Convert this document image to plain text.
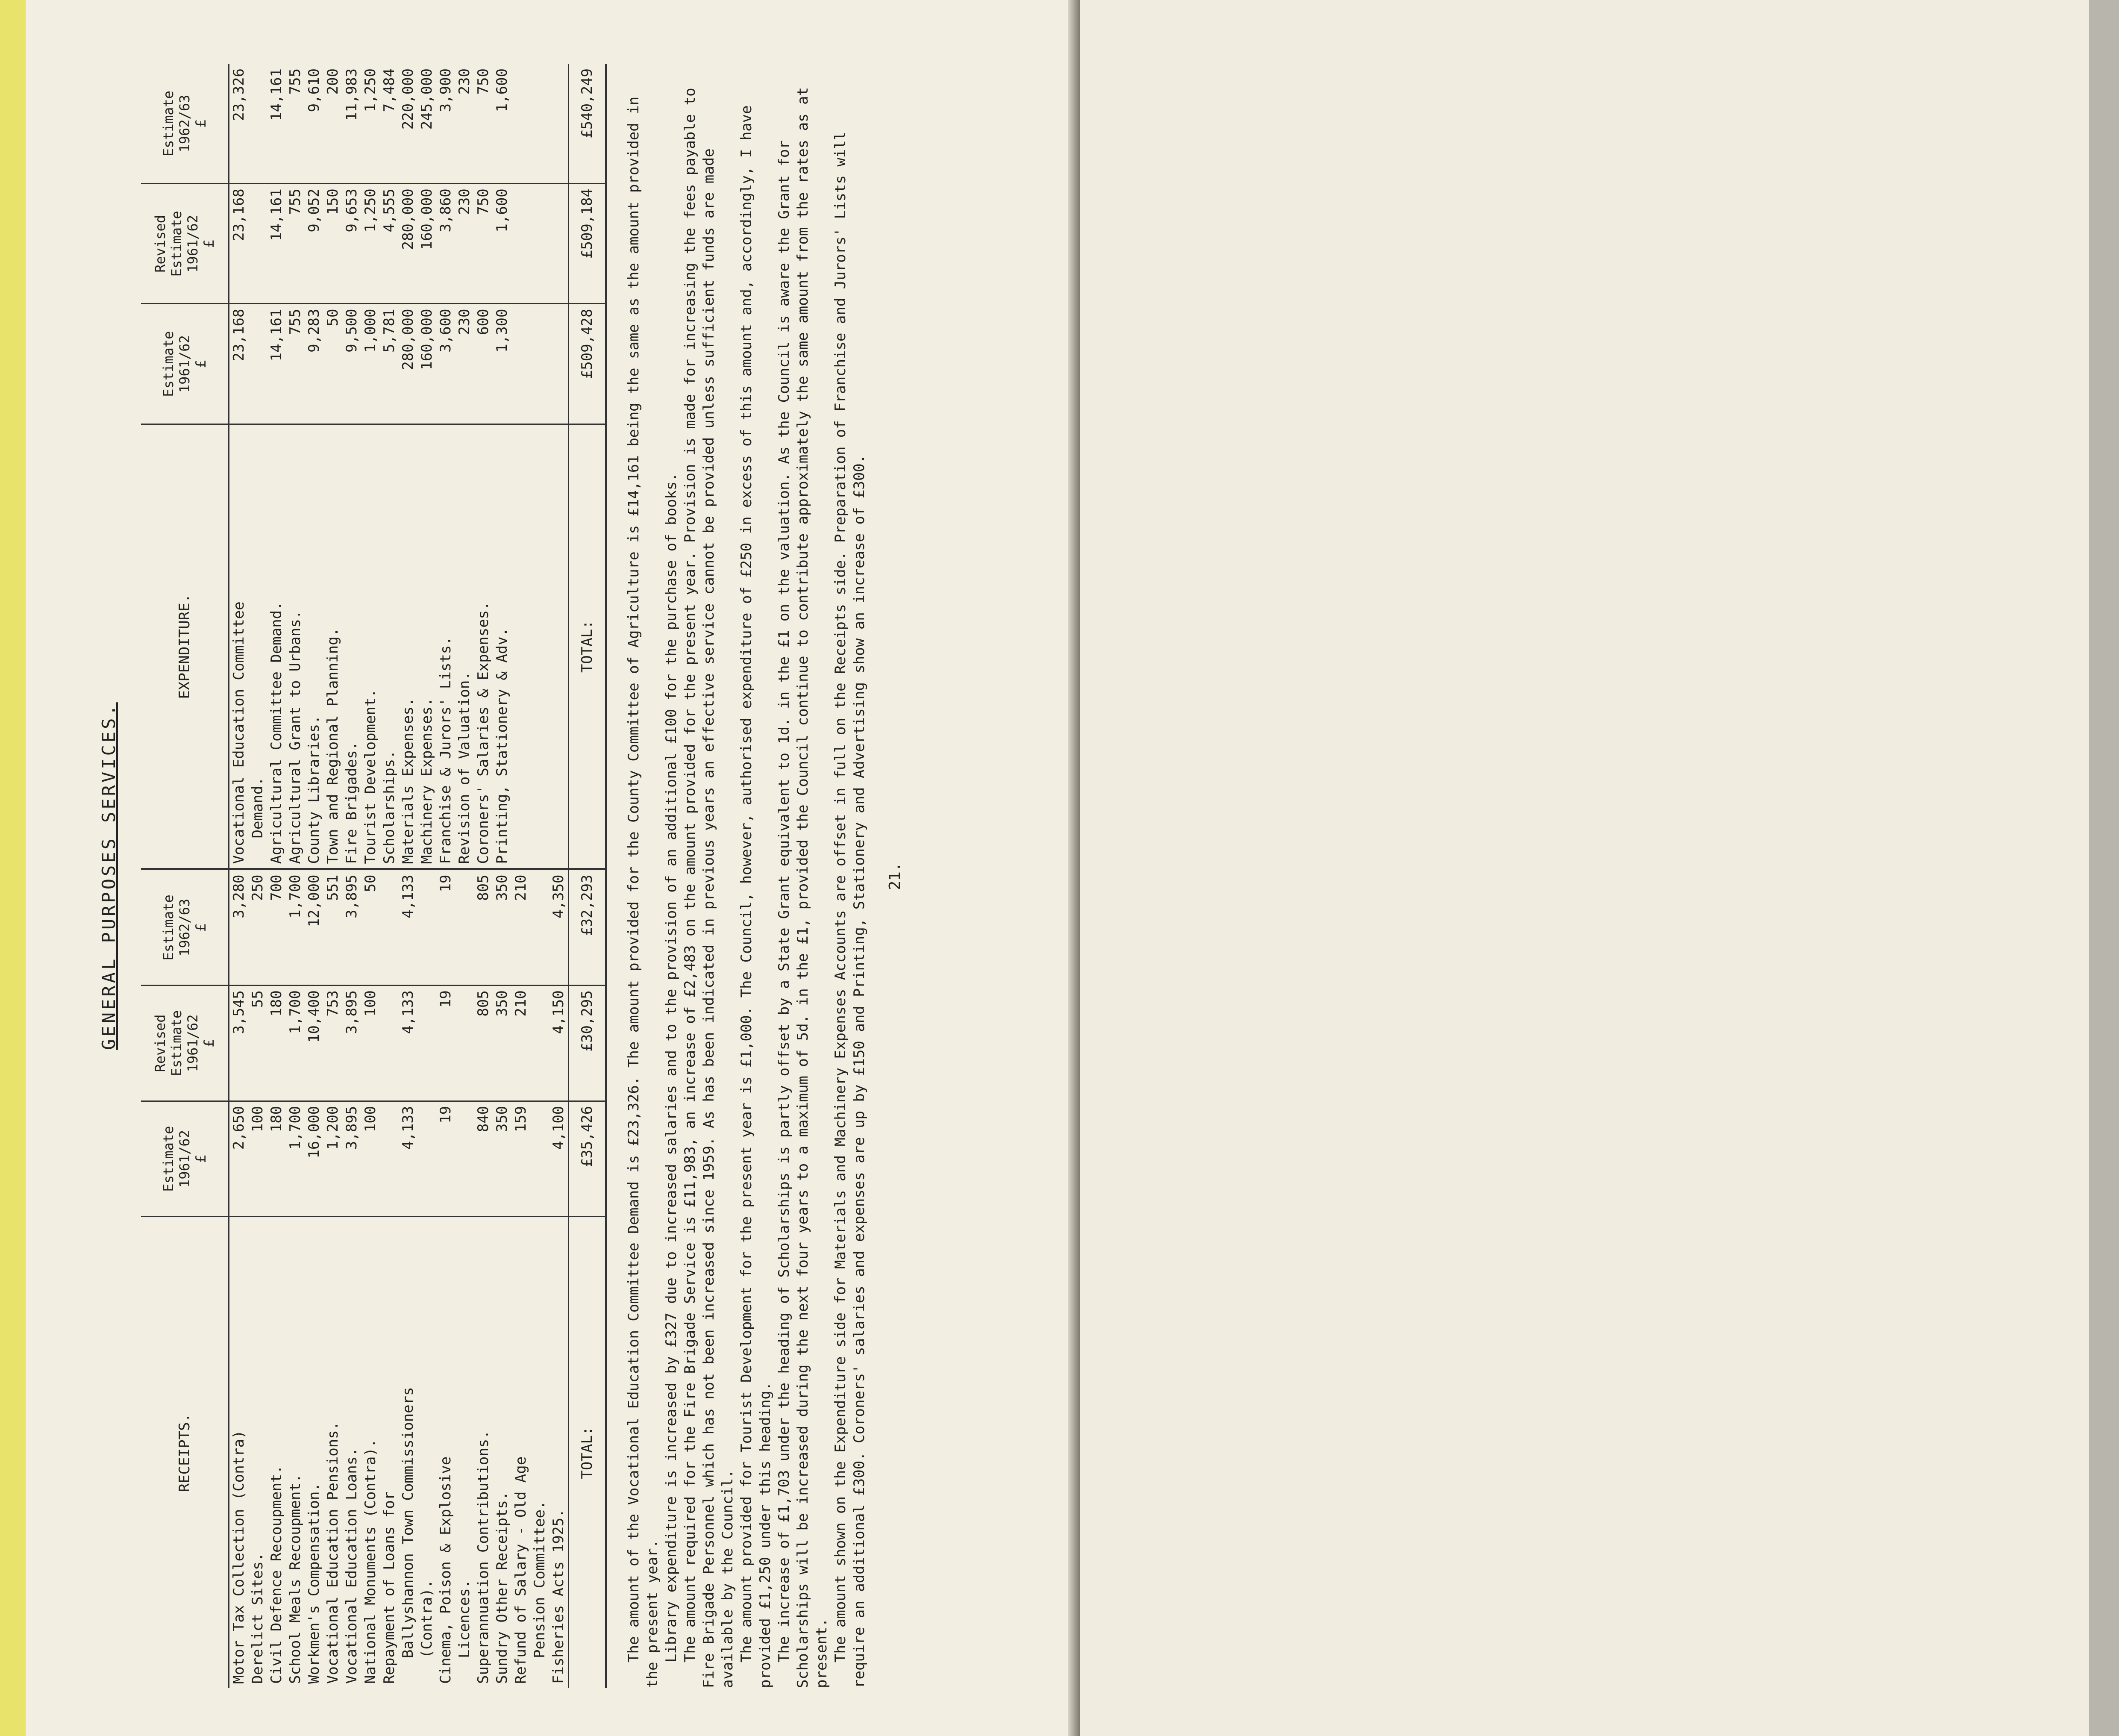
GENERAL PURPOSES SERVICES.
RECEIPTS.	Estimate
1961/62
£	Revised
Estimate
1961/62
£	Estimate
1962/63
£	EXPENDITURE.	Estimate
1961/62
£	Revised
Estimate
1961/62
£	Estimate
1962/63
£
Motor Tax Collection (Contra)	2,650	3,545	3,280	Vocational Education Committee	23,168	23,168	23,326
Derelict Sites.	100	55	250	Demand.			
Civil Defence Recoupment.	180	180	700	Agricultural Committee Demand.	14,161	14,161	14,161
School Meals Recoupment.	1,700	1,700	1,700	Agricultural Grant to Urbans.	755	755	755
Workmen's Compensation.	16,000	10,400	12,000	County Libraries.	9,283	9,052	9,610
Vocational Education Pensions.	1,200	753	551	Town and Regional Planning.	50	150	200
Vocational Education Loans.	3,895	3,895	3,895	Fire Brigades.	9,500	9,653	11,983
National Monuments (Contra).	100	100	50	Tourist Development.	1,000	1,250	1,250
Repayment of Loans for				Scholarships.	5,781	4,555	7,484
Ballyshannon Town Commissioners	4,133	4,133	4,133	Materials Expenses.	280,000	280,000	220,000
(Contra).				Machinery Expenses.	160,000	160,000	245,000
Cinema, Poison & Explosive	19	19	19	Franchise & Jurors' Lists.	3,600	3,860	3,900
Licences.				Revision of Valuation.	230	230	230
Superannuation Contributions.	840	805	805	Coroners' Salaries & Expenses.	600	750	750
Sundry Other Receipts.	350	350	350	Printing, Stationery & Adv.	1,300	1,600	1,600
Refund of Salary - Old Age	159	210	210				
Pension Committee.							
Fisheries Acts 1925.	4,100	4,150	4,350				
TOTAL:	£35,426	£30,295	£32,293	TOTAL:	£509,428	£509,184	£540,249 The amount of the Vocational Education Committee Demand is £23,326. The amount provided for the County Committee of Agriculture is £14,161 being the same as the amount provided in the present year. Library expenditure is increased by £327 due to increased salaries and to the provision of an additional £100 for the purchase of books. The amount required for the Fire Brigade Service is £11,983, an increase of £2,483 on the amount provided for the present year. Provision is made for increasing the fees payable to Fire Brigade Personnel which has not been increased since 1959. As has been indicated in previous years an effective service cannot be provided unless sufficient funds are made available by the Council. The amount provided for Tourist Development for the present year is £1,000. The Council, however, authorised expenditure of £250 in excess of this amount and, accordingly, I have provided £1,250 under this heading. The increase of £1,703 under the heading of Scholarships is partly offset by a State Grant equivalent to 1d. in the £1 on the valuation. As the Council is aware the Grant for Scholarships will be increased during the next four years to a maximum of 5d. in the £1, provided the Council continue to contribute approximately the same amount from the rates as at present. The amount shown on the Expenditure side for Materials and Machinery Expenses Accounts are offset in full on the Receipts side. Preparation of Franchise and Jurors' Lists will require an additional £300. Coroners' salaries and expenses are up by £150 and Printing, Stationery and Advertising show an increase of £300. 21.
